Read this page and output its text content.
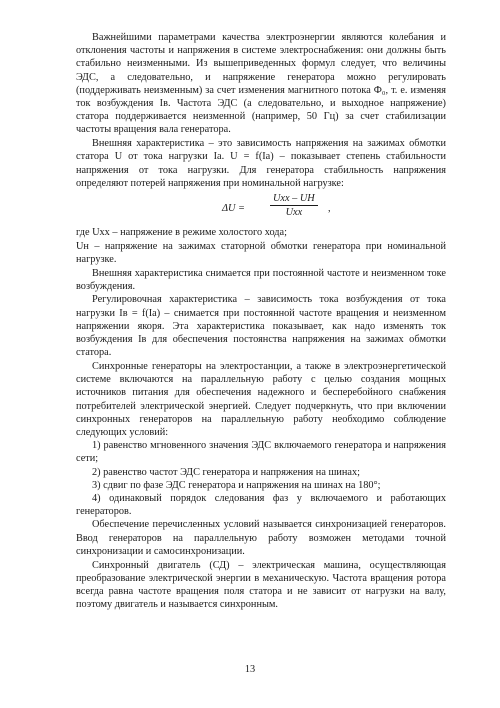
Важнейшими параметрами качества электроэнергии являются колебания и отклонения частоты и напряжения в системе электроснабжения: они должны быть стабильно неизменными. Из вышеприведенных формул следует, что величины ЭДС, а следовательно, и напряжение генератора можно регулировать (поддерживать неизменным) за счет изменения магнитного потока Ф₀, т. е. изменяя ток возбуждения Iв. Частота ЭДС (а следовательно, и выходное напряжение) статора поддерживается неизменной (например, 50 Гц) за счет стабилизации частоты вращения вала генератора.

Внешняя характеристика – это зависимость напряжения на зажимах обмотки статора U от тока нагрузки Iа. U = f(Iа) – показывает степень стабильности напряжения от тока нагрузки. Для генератора стабильность напряжения определяют потерей напряжения при номинальной нагрузке:

ΔU =
Uxx – UH
Uxx	,

где Uхх – напряжение в режиме холостого хода;

Uн – напряжение на зажимах статорной обмотки генератора при номинальной нагрузке.

Внешняя характеристика снимается при постоянной частоте и неизменном токе возбуждения.

Регулировочная характеристика – зависимость тока возбуждения от тока нагрузки Iв = f(Iа) – снимается при постоянной частоте вращения и неизменном напряжении якоря. Эта характеристика показывает, как надо изменять ток возбуждения Iв для обеспечения постоянства напряжения на зажимах обмотки статора.

Синхронные генераторы на электростанции, а также в электроэнергетической системе включаются на параллельную работу с целью создания мощных источников питания для обеспечения надежного и бесперебойного снабжения потребителей электрической энергией. Следует подчеркнуть, что при включении синхронных генераторов на параллельную работу необходимо соблюдение следующих условий:

1) равенство мгновенного значения ЭДС включаемого генератора и напряжения сети;

2) равенство частот ЭДС генератора и напряжения на шинах;

3) сдвиг по фазе ЭДС генератора и напряжения на шинах на 180°;

4) одинаковый порядок следования фаз у включаемого и работающих генераторов.

Обеспечение перечисленных условий называется синхронизацией генераторов. Ввод генераторов на параллельную работу возможен методами точной синхронизации и самосинхронизации.

Синхронный двигатель (СД) – электрическая машина, осуществляющая преобразование электрической энергии в механическую. Частота вращения ротора всегда равна частоте вращения поля статора и не зависит от нагрузки на валу, поэтому двигатель и называется синхронным.

13
